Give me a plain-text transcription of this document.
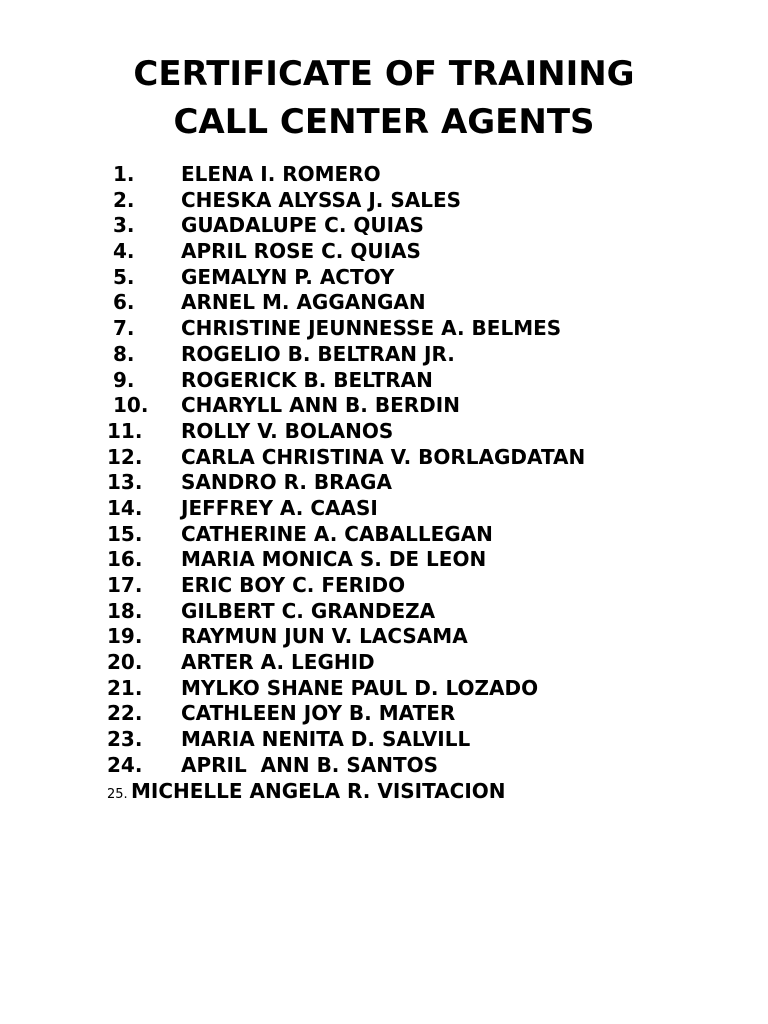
CERTIFICATE OF TRAINING
CALL CENTER AGENTS
1. ELENA I. ROMERO
2. CHESKA ALYSSA J. SALES
3. GUADALUPE C. QUIAS
4. APRIL ROSE C. QUIAS
5. GEMALYN P. ACTOY
6. ARNEL M. AGGANGAN
7. CHRISTINE JEUNNESSE A. BELMES
8. ROGELIO B. BELTRAN JR.
9. ROGERICK B. BELTRAN
10. CHARYLL ANN B. BERDIN
11. ROLLY V. BOLANOS
12. CARLA CHRISTINA V. BORLAGDATAN
13. SANDRO R. BRAGA
14. JEFFREY A. CAASI
15. CATHERINE A. CABALLEGAN
16. MARIA MONICA S. DE LEON
17. ERIC BOY C. FERIDO
18. GILBERT C. GRANDEZA
19. RAYMUN JUN V. LACSAMA
20. ARTER A. LEGHID
21. MYLKO SHANE PAUL D. LOZADO
22. CATHLEEN JOY B. MATER
23. MARIA NENITA D. SALVILL
24. APRIL  ANN B. SANTOS
25. MICHELLE ANGELA R. VISITACION
